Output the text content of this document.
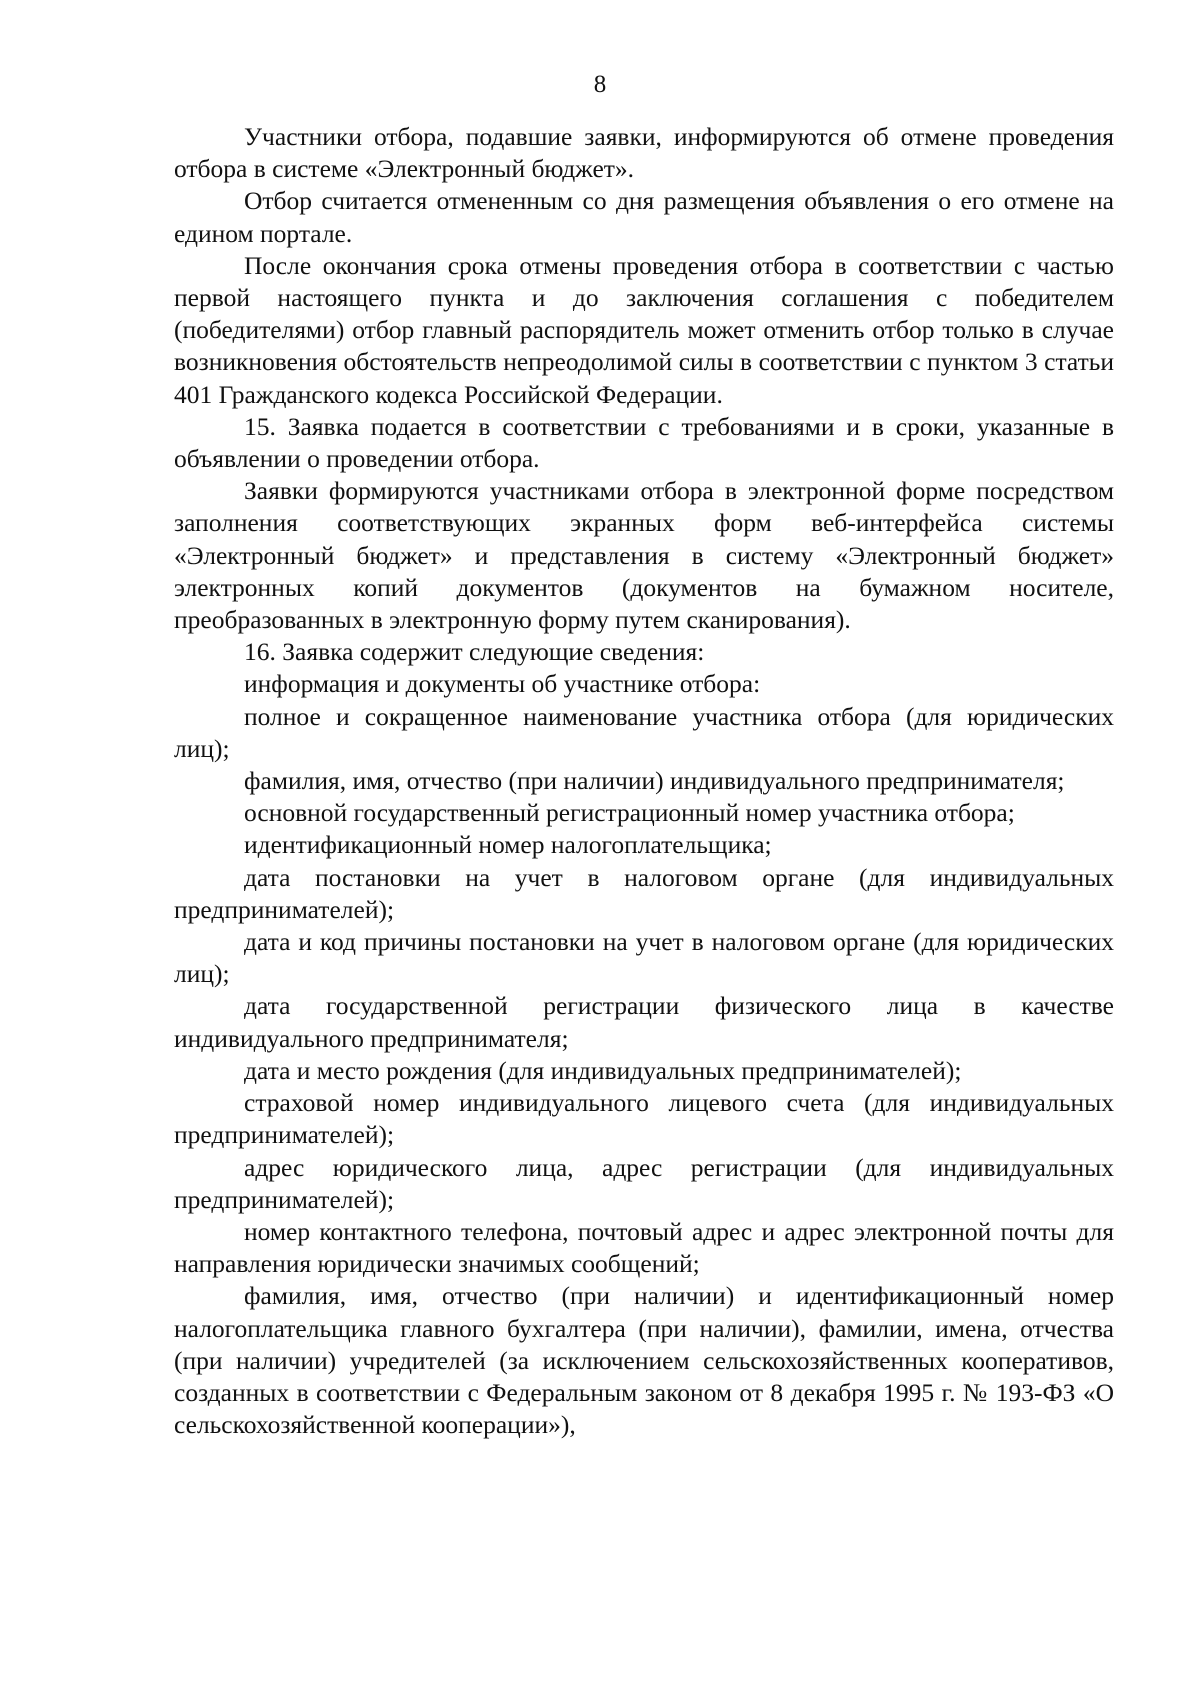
8

Участники отбора, подавшие заявки, информируются об отмене проведения отбора в системе «Электронный бюджет».

Отбор считается отмененным со дня размещения объявления о его отмене на едином портале.

После окончания срока отмены проведения отбора в соответствии с частью первой настоящего пункта и до заключения соглашения с победителем (победителями) отбор главный распорядитель может отменить отбор только в случае возникновения обстоятельств непреодолимой силы в соответствии с пунктом 3 статьи 401 Гражданского кодекса Российской Федерации.

15. Заявка подается в соответствии с требованиями и в сроки, указанные в объявлении о проведении отбора.

Заявки формируются участниками отбора в электронной форме посредством заполнения соответствующих экранных форм веб-интерфейса системы «Электронный бюджет» и представления в систему «Электронный бюджет» электронных копий документов (документов на бумажном носителе, преобразованных в электронную форму путем сканирования).

16. Заявка содержит следующие сведения:

информация и документы об участнике отбора:

полное и сокращенное наименование участника отбора (для юридических лиц);

фамилия, имя, отчество (при наличии) индивидуального предпринимателя;

основной государственный регистрационный номер участника отбора;

идентификационный номер налогоплательщика;

дата постановки на учет в налоговом органе (для индивидуальных предпринимателей);

дата и код причины постановки на учет в налоговом органе (для юридических лиц);

дата государственной регистрации физического лица в качестве индивидуального предпринимателя;

дата и место рождения (для индивидуальных предпринимателей);

страховой номер индивидуального лицевого счета (для индивидуальных предпринимателей);

адрес юридического лица, адрес регистрации (для индивидуальных предпринимателей);

номер контактного телефона, почтовый адрес и адрес электронной почты для направления юридически значимых сообщений;

фамилия, имя, отчество (при наличии) и идентификационный номер налогоплательщика главного бухгалтера (при наличии), фамилии, имена, отчества (при наличии) учредителей (за исключением сельскохозяйственных кооперативов, созданных в соответствии с Федеральным законом от 8 декабря 1995 г. № 193-ФЗ «О сельскохозяйственной кооперации»),
